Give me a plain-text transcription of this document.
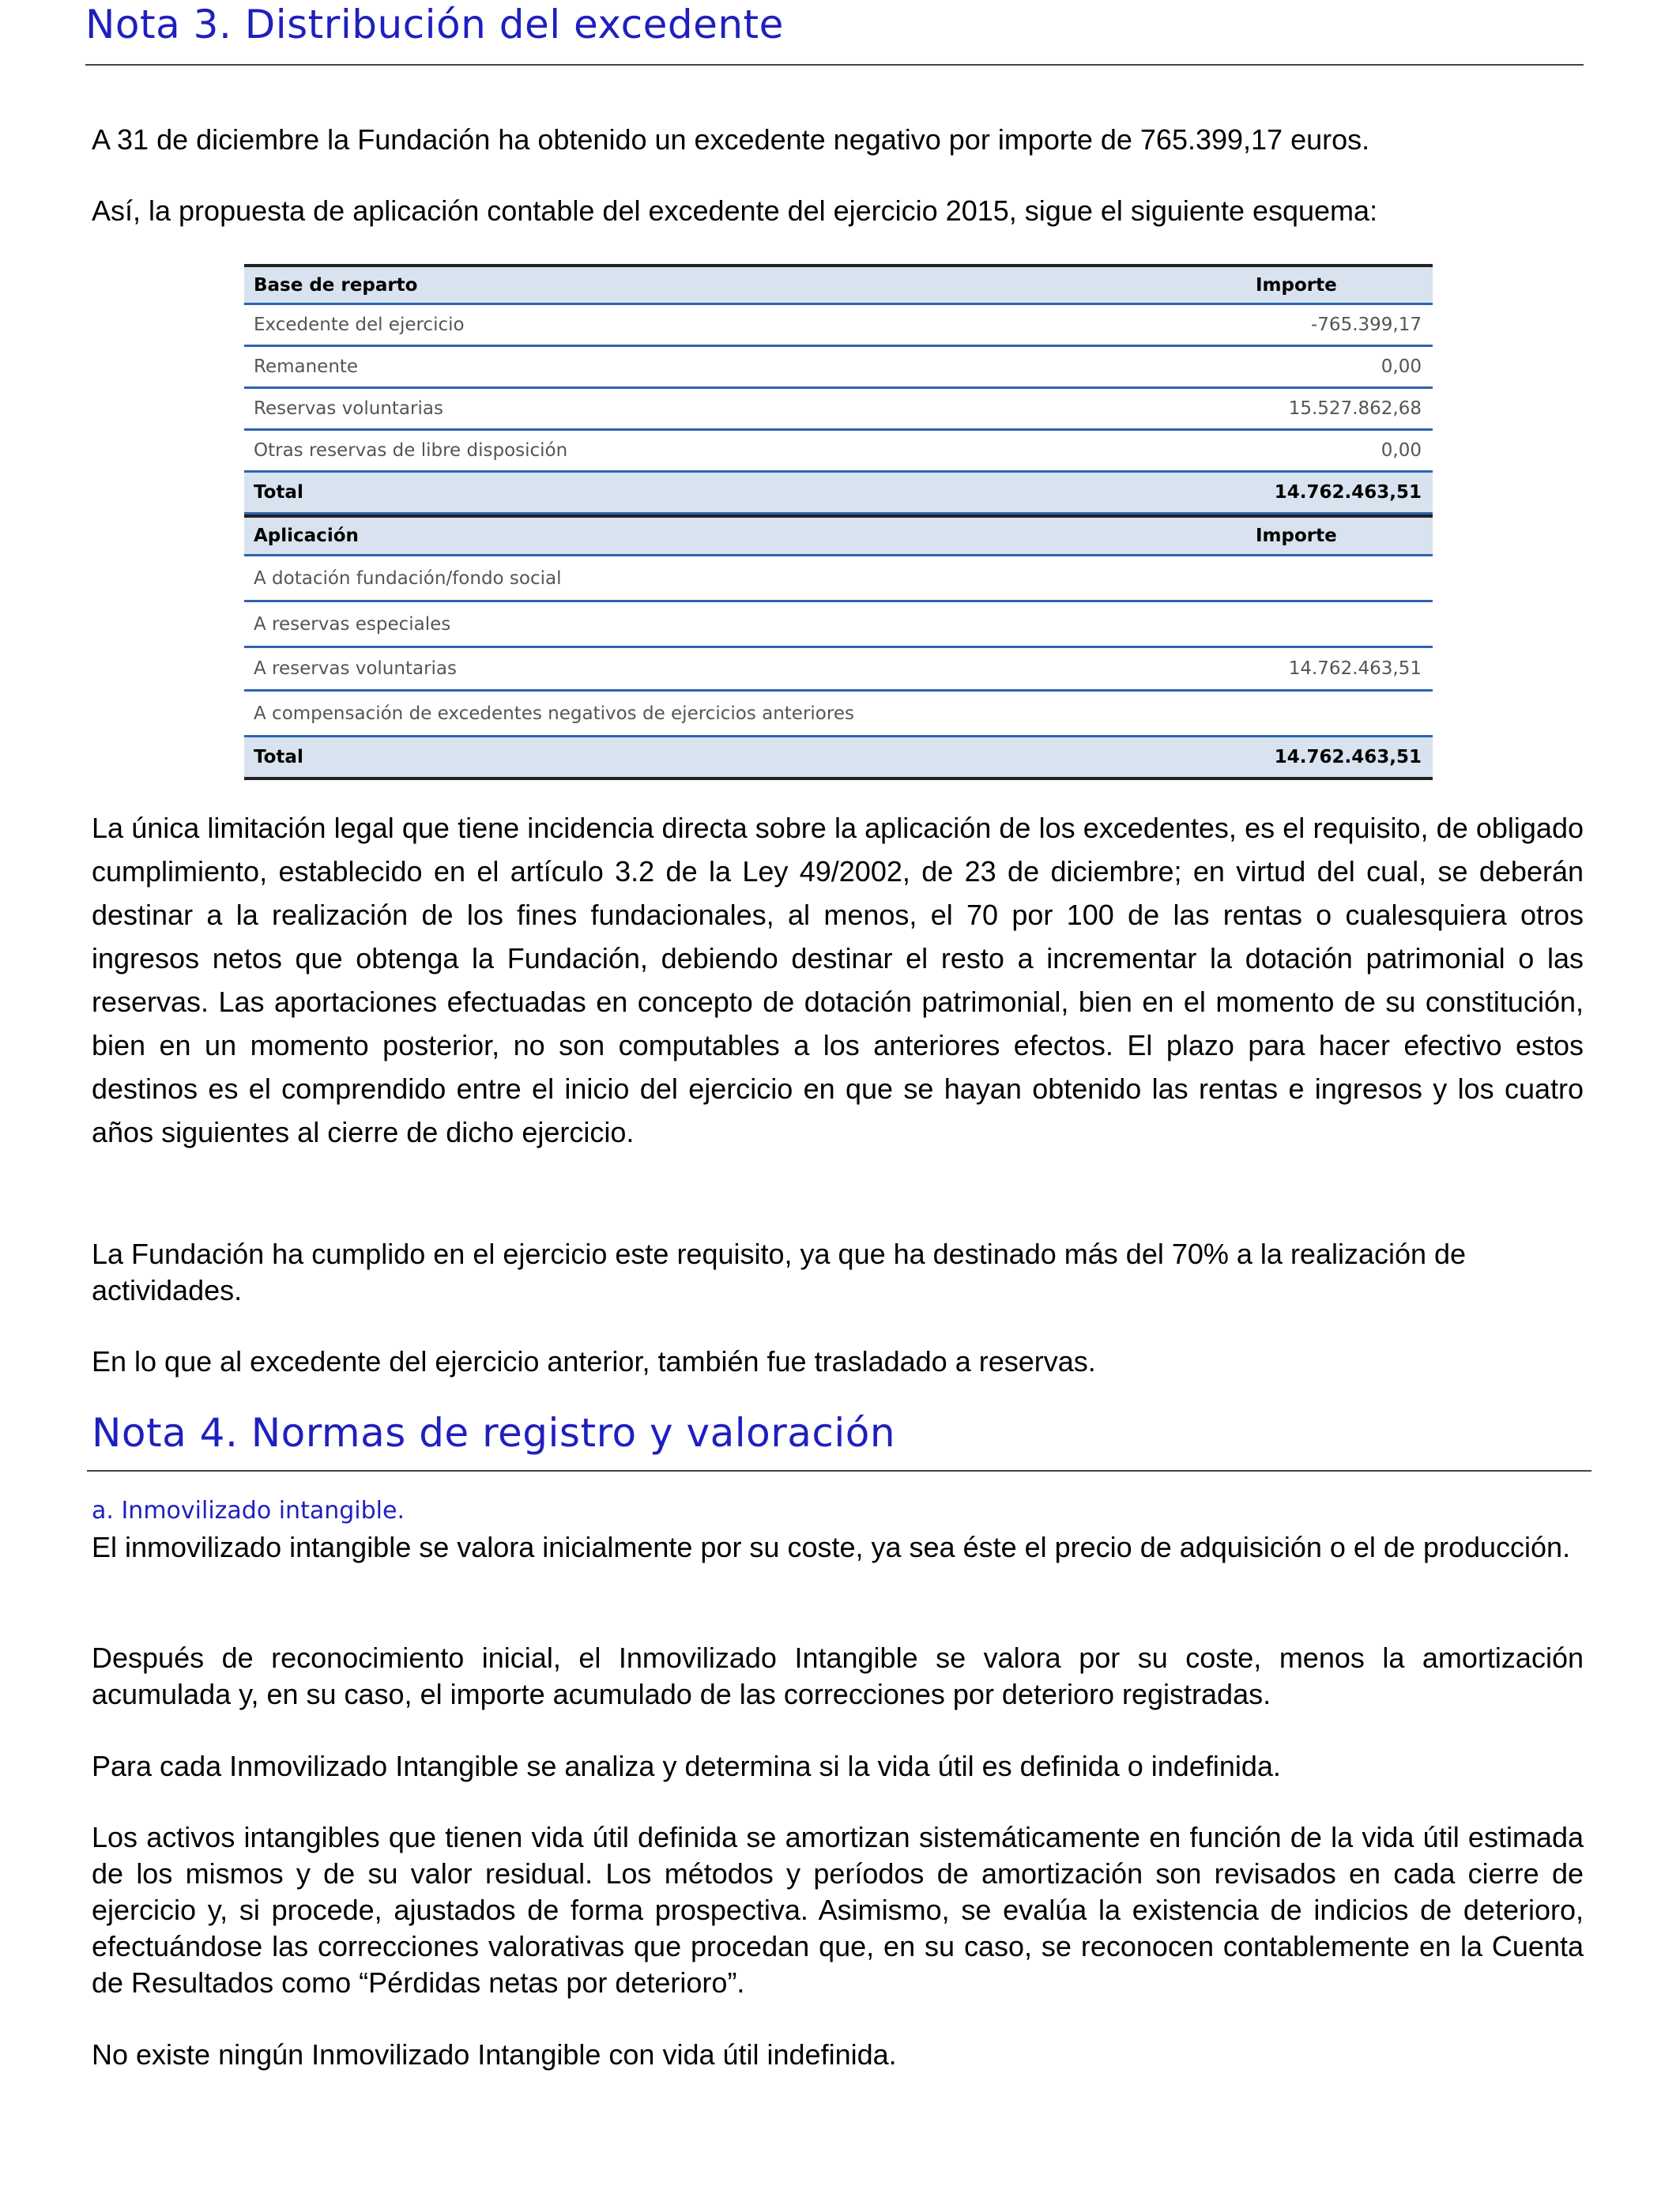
Nota 3. Distribución del excedente

A 31 de diciembre la Fundación ha obtenido un excedente negativo por importe de 765.399,17 euros.

Así, la propuesta de aplicación contable del excedente del ejercicio 2015, sigue el siguiente esquema:

Base de reparto	Importe
Excedente del ejercicio	-765.399,17
Remanente	0,00
Reservas voluntarias	15.527.862,68
Otras reservas de libre disposición	0,00
Total	14.762.463,51
Aplicación	Importe
A dotación fundación/fondo social
A reservas especiales
A reservas voluntarias	14.762.463,51
A compensación de excedentes negativos de ejercicios anteriores
Total	14.762.463,51

La única limitación legal que tiene incidencia directa sobre la aplicación de los excedentes, es el requisito, de obligado cumplimiento, establecido en el artículo 3.2 de la Ley 49/2002, de 23 de diciembre; en virtud del cual, se deberán destinar a la realización de los fines fundacionales, al menos, el 70 por 100 de las rentas o cualesquiera otros ingresos netos que obtenga la Fundación, debiendo destinar el resto a incrementar la dotación patrimonial o las reservas. Las aportaciones efectuadas en concepto de dotación patrimonial, bien en el momento de su constitución, bien en un momento posterior, no son computables a los anteriores efectos. El plazo para hacer efectivo estos destinos es el comprendido entre el inicio del ejercicio en que se hayan obtenido las rentas e ingresos y los cuatro años siguientes al cierre de dicho ejercicio.

La Fundación ha cumplido en el ejercicio este requisito, ya que ha destinado más del 70% a la realización de actividades.

En lo que al excedente del ejercicio anterior, también fue trasladado a reservas.

Nota 4. Normas de registro y valoración
a. Inmovilizado intangible.

El inmovilizado intangible se valora inicialmente por su coste, ya sea éste el precio de adquisición o el de producción.

Después de reconocimiento inicial, el Inmovilizado Intangible se valora por su coste, menos la amortización acumulada y, en su caso, el importe acumulado de las correcciones por deterioro registradas.

Para cada Inmovilizado Intangible se analiza y determina si la vida útil es definida o indefinida.

Los activos intangibles que tienen vida útil definida se amortizan sistemáticamente en función de la vida útil estimada de los mismos y de su valor residual. Los métodos y períodos de amortización son revisados en cada cierre de ejercicio y, si procede, ajustados de forma prospectiva. Asimismo, se evalúa la existencia de indicios de deterioro, efectuándose las correcciones valorativas que procedan que, en su caso, se reconocen contablemente en la Cuenta de Resultados como “Pérdidas netas por deterioro”.

No existe ningún Inmovilizado Intangible con vida útil indefinida.
